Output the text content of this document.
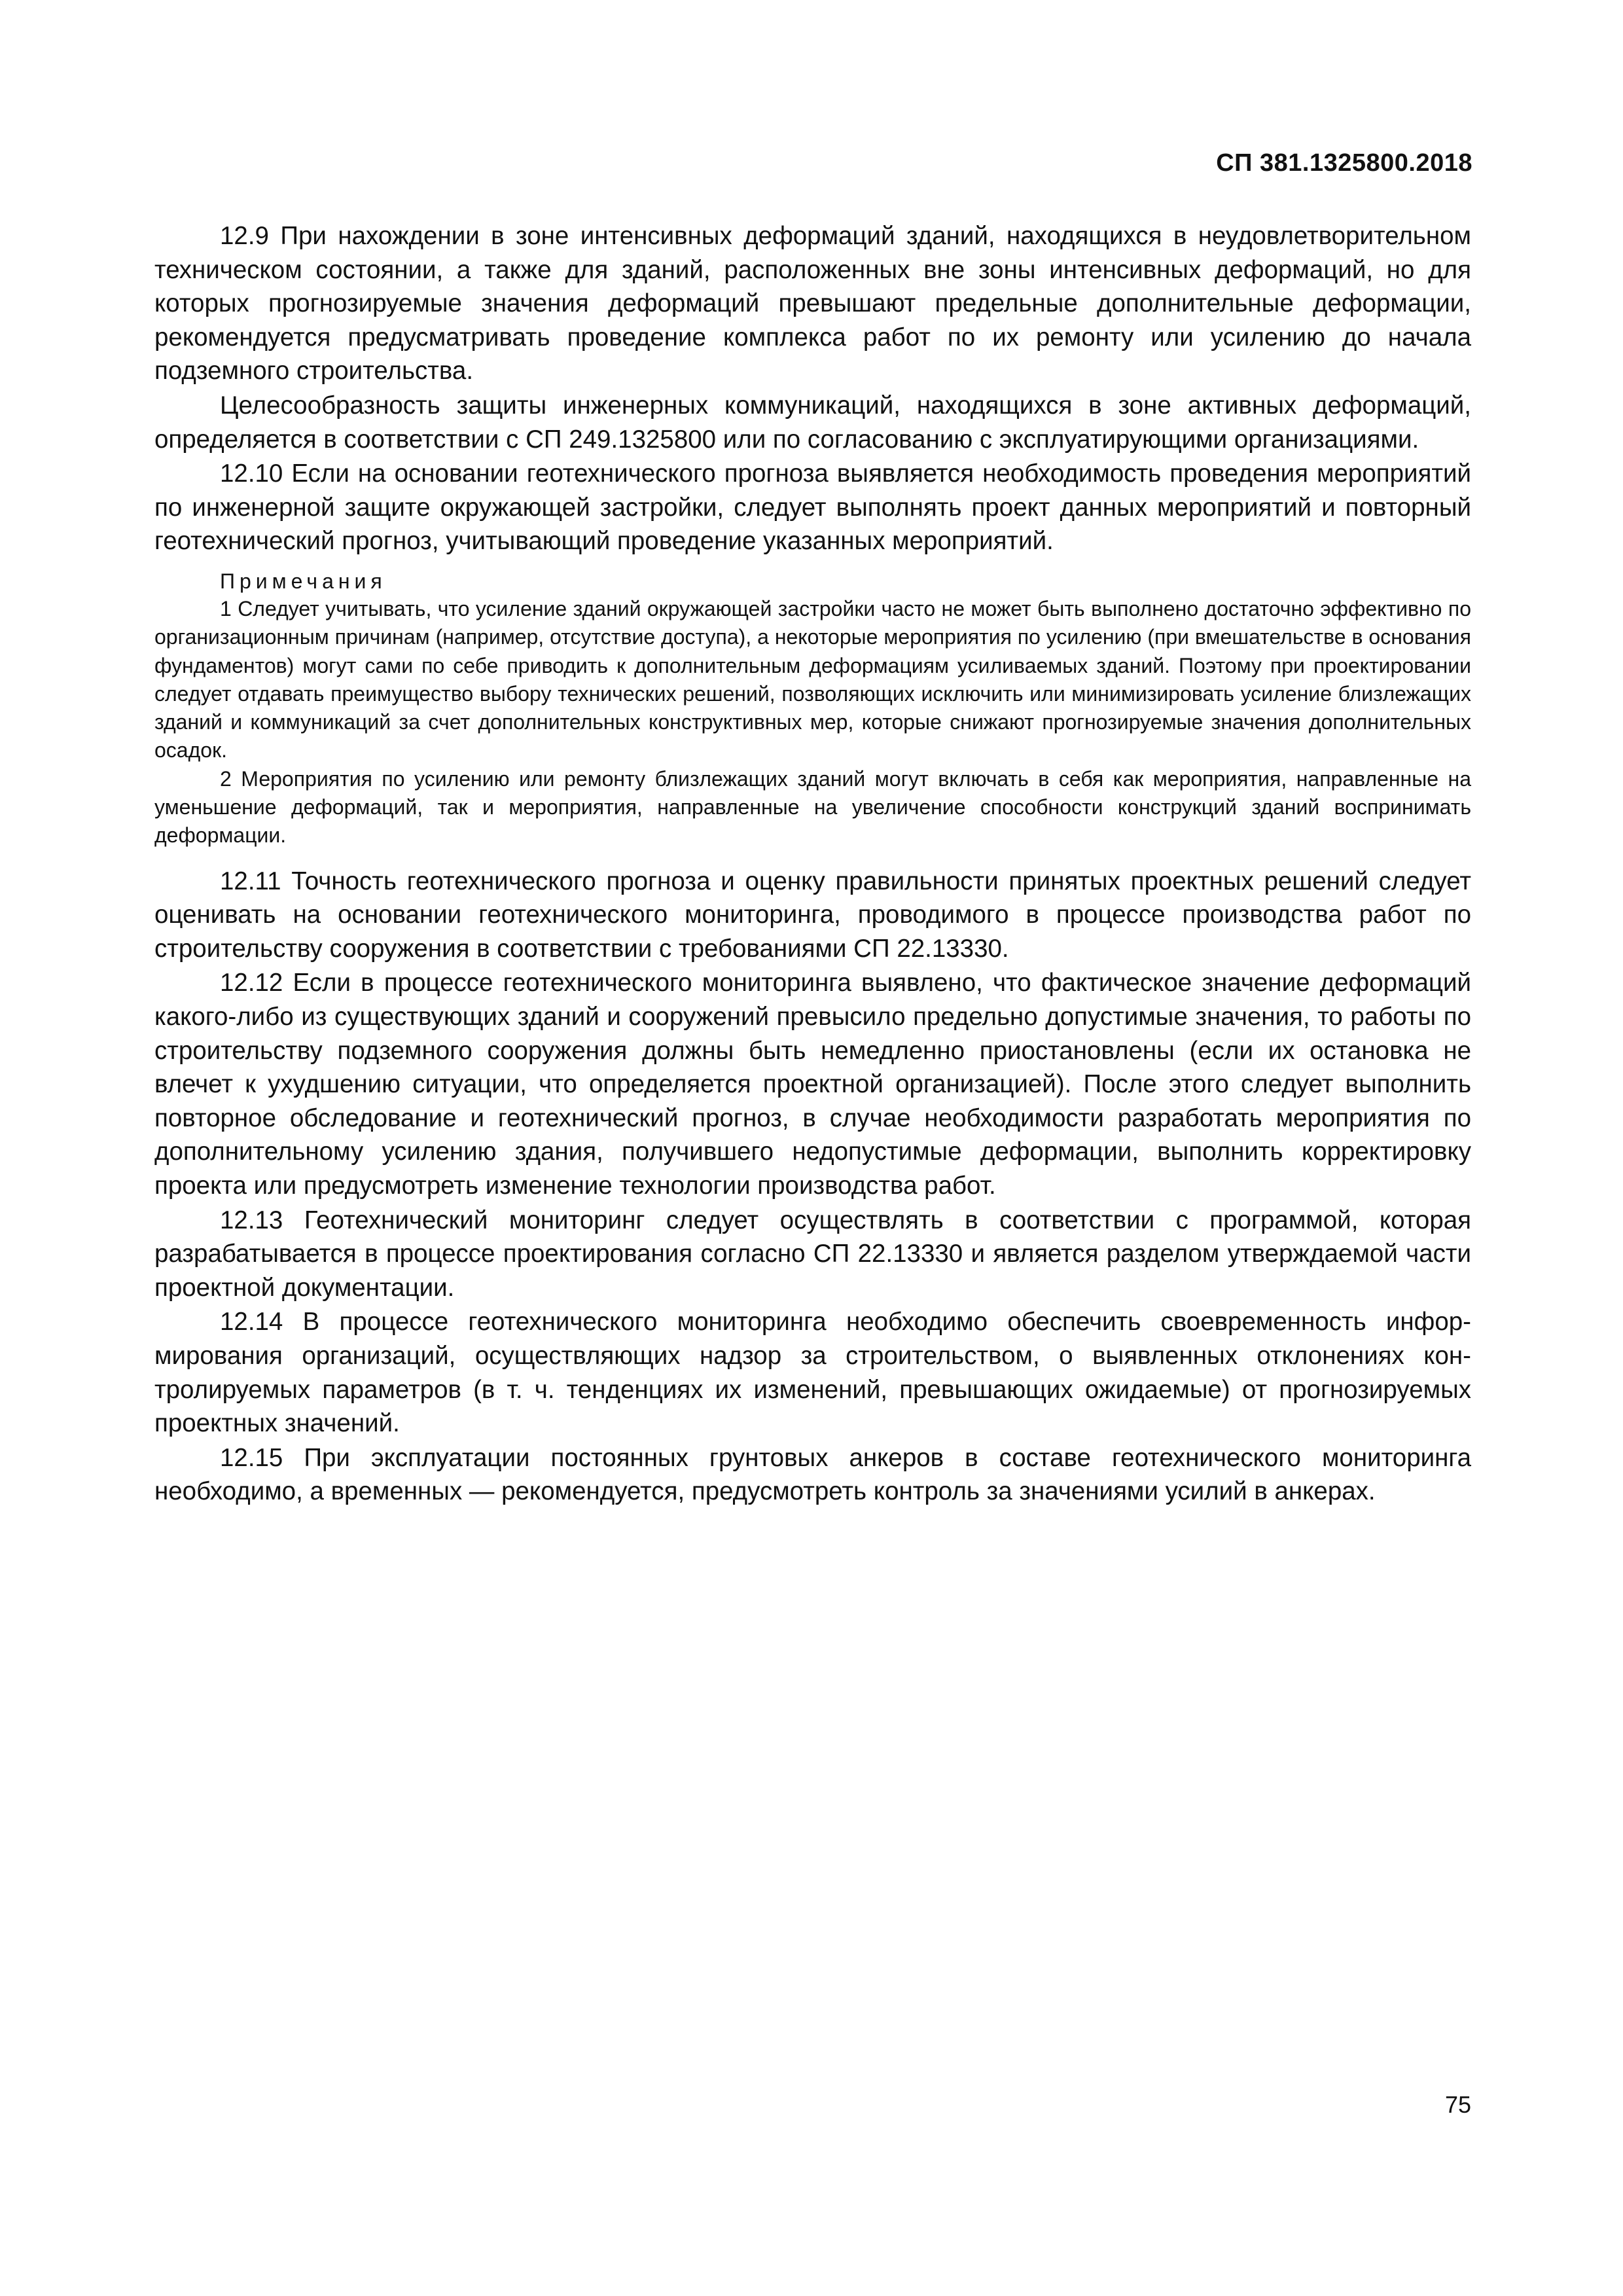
СП 381.1325800.2018

12.9 При нахождении в зоне интенсивных деформаций зданий, находящихся в неудовлетворительном техническом состоянии, а также для зданий, расположенных вне зоны интенсивных деформаций, но для которых прогнозируемые значения деформаций превышают предельные дополнительные деформации, рекомендуется предусматривать проведение комплекса работ по их ремонту или усилению до начала подземного строительства.

Целесообразность защиты инженерных коммуникаций, находящихся в зоне активных деформаций, определяется в соответствии с СП 249.1325800 или по согласованию с эксплуатирующими организациями.

12.10 Если на основании геотехнического прогноза выявляется необходимость проведения мероприятий по инженерной защите окружающей застройки, следует выполнять проект данных мероприятий и повторный геотехнический прогноз, учитывающий проведение указанных мероприятий.

Примечания

1 Следует учитывать, что усиление зданий окружающей застройки часто не может быть выполнено достаточно эффективно по организационным причинам (например, отсутствие доступа), а некоторые мероприятия по усилению (при вмешательстве в основания фундаментов) могут сами по себе приводить к дополнительным деформациям усиливаемых зданий. Поэтому при проектировании следует отдавать преимущество выбору технических решений, позволяющих исключить или минимизировать усиление близлежащих зданий и коммуникаций за счет дополнительных конструктивных мер, которые снижают прогнозируемые значения дополнительных осадок.

2 Мероприятия по усилению или ремонту близлежащих зданий могут включать в себя как мероприятия, направленные на уменьшение деформаций, так и мероприятия, направленные на увеличение способности конструкций зданий воспринимать деформации.

12.11 Точность геотехнического прогноза и оценку правильности принятых проектных решений следует оценивать на основании геотехнического мониторинга, проводимого в процессе производства работ по строительству сооружения в соответствии с требованиями СП 22.13330.

12.12 Если в процессе геотехнического мониторинга выявлено, что фактическое значение деформаций какого-либо из существующих зданий и сооружений превысило предельно допустимые значения, то работы по строительству подземного сооружения должны быть немедленно приостановлены (если их остановка не влечет к ухудшению ситуации, что определяется проектной организацией). После этого следует выполнить повторное обследование и геотехнический прогноз, в случае необходимости разработать мероприятия по дополнительному усилению здания, получившего недопустимые деформации, выполнить корректировку проекта или предусмотреть изменение технологии производства работ.

12.13 Геотехнический мониторинг следует осуществлять в соответствии с программой, которая разрабатывается в процессе проектирования согласно СП 22.13330 и является разделом утверждаемой части проектной документации.

12.14 В процессе геотехнического мониторинга необходимо обеспечить своевременность информирования организаций, осуществляющих надзор за строительством, о выявленных отклонениях контролируемых параметров (в т. ч. тенденциях их изменений, превышающих ожидаемые) от прогнозируемых проектных значений.

12.15 При эксплуатации постоянных грунтовых анкеров в составе геотехнического мониторинга необходимо, а временных — рекомендуется, предусмотреть контроль за значениями усилий в анкерах.

75
